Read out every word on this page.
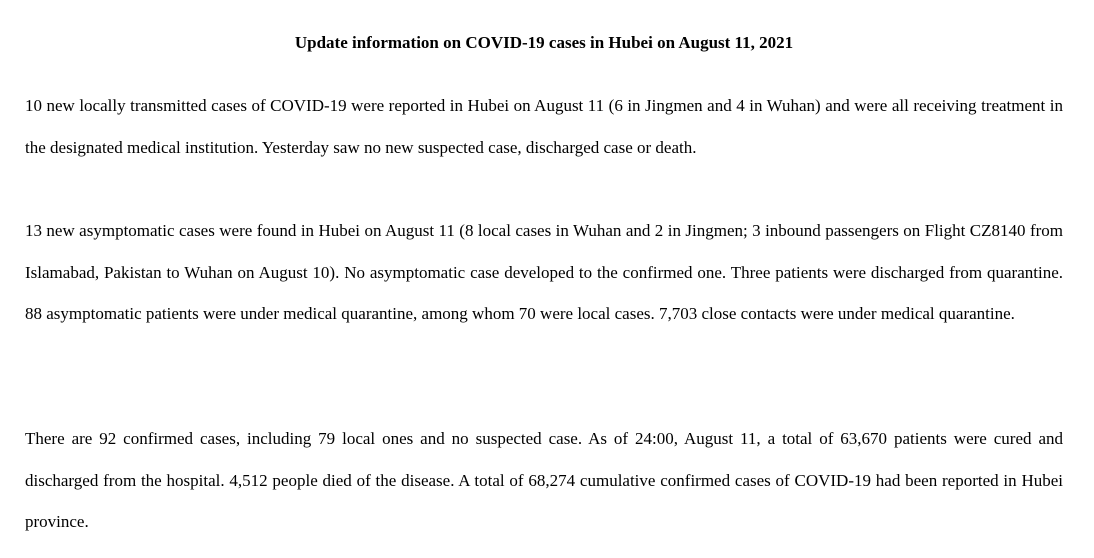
Update information on COVID-19 cases in Hubei on August 11, 2021

10 new locally transmitted cases of COVID-19 were reported in Hubei on August 11 (6 in Jingmen and 4 in Wuhan) and were all receiving treatment in the designated medical institution. Yesterday saw no new suspected case, discharged case or death.

13 new asymptomatic cases were found in Hubei on August 11 (8 local cases in Wuhan and 2 in Jingmen; 3 inbound passengers on Flight CZ8140 from Islamabad, Pakistan to Wuhan on August 10). No asymptomatic case developed to the confirmed one. Three patients were discharged from quarantine. 88 asymptomatic patients were under medical quarantine, among whom 70 were local cases. 7,703 close contacts were under medical quarantine.

There are 92 confirmed cases, including 79 local ones and no suspected case. As of 24:00, August 11, a total of 63,670 patients were cured and discharged from the hospital. 4,512 people died of the disease. A total of 68,274 cumulative confirmed cases of COVID-19 had been reported in Hubei province.
